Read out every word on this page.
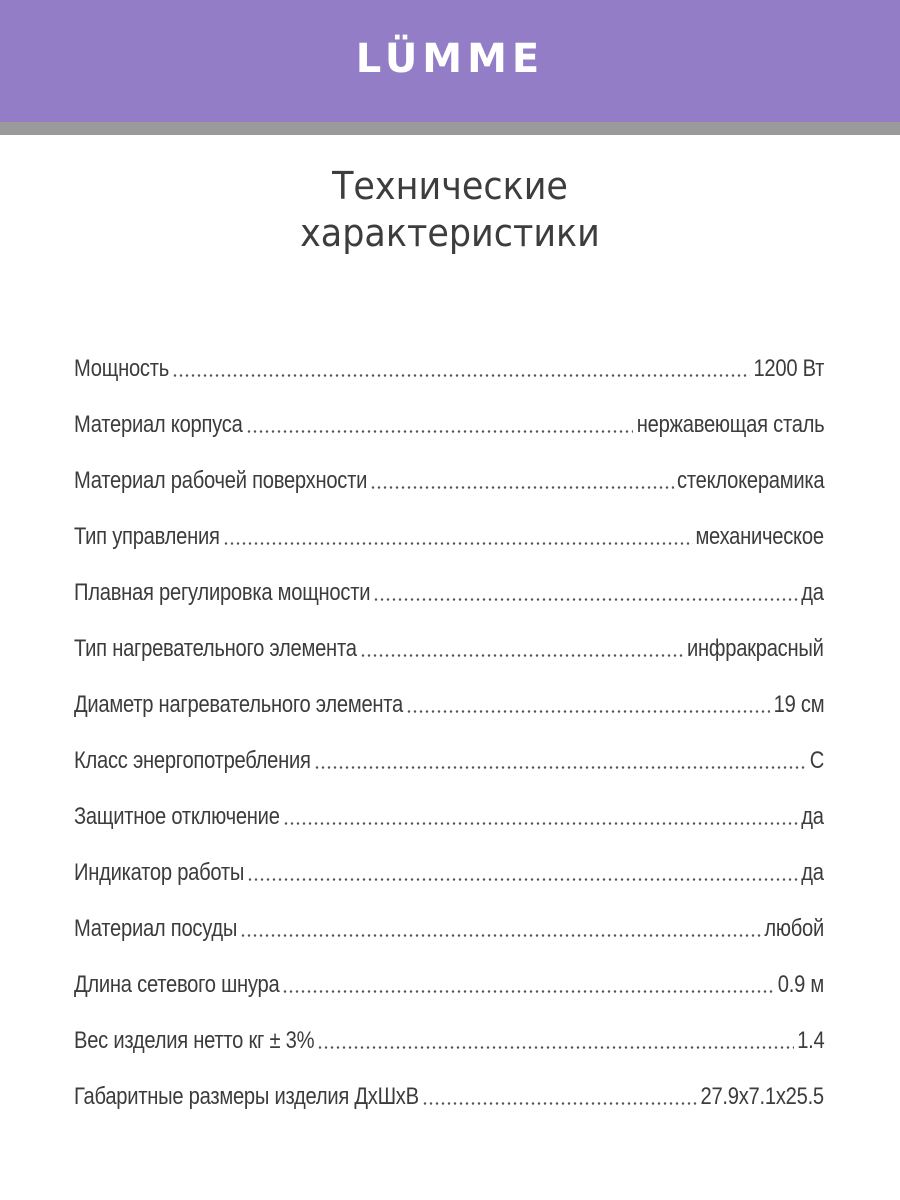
LÜMME
Технические
характеристики
Мощность	1200 Вт
Материал корпуса	нержавеющая сталь
Материал рабочей поверхности	стеклокерамика
Тип управления	механическое
Плавная регулировка мощности	да
Тип нагревательного элемента	инфракрасный
Диаметр нагревательного элемента	19 см
Класс энергопотребления	С
Защитное отключение	да
Индикатор работы	да
Материал посуды	любой
Длина сетевого шнура	0.9 м
Вес изделия нетто кг ± 3%	1.4
Габаритные размеры изделия ДхШхВ	27.9х7.1х25.5
